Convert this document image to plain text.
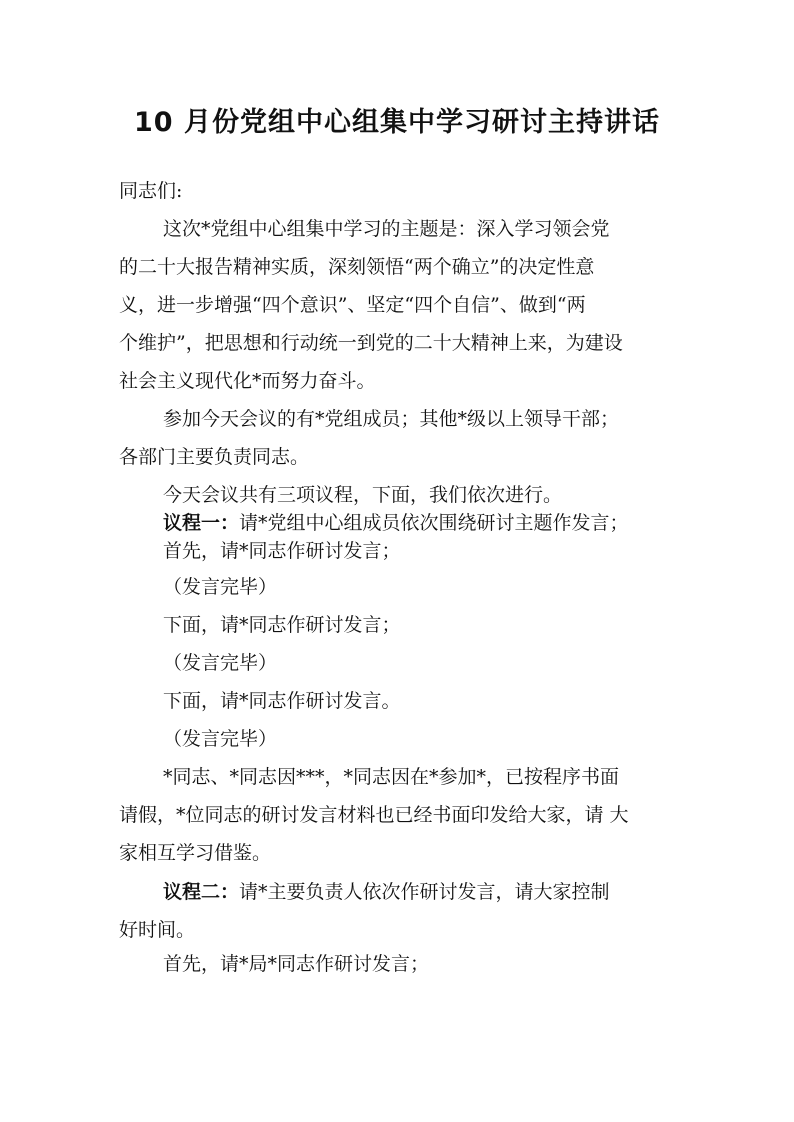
10 月份党组中心组集中学习研讨主持讲话

同志们:

这次*党组中心组集中学习的主题是：深入学习领会党
的二十大报告精神实质，深刻领悟“两个确立”的决定性意
义，进一步增强“四个意识”、坚定“四个自信”、做到“两
个维护”，把思想和行动统一到党的二十大精神上来，为建设
社会主义现代化*而努力奋斗。
参加今天会议的有*党组成员；其他*级以上领导干部；
各部门主要负责同志。

今天会议共有三项议程，下面，我们依次进行。

议程一：请*党组中心组成员依次围绕研讨主题作发言；

首先，请*同志作研讨发言；

（发言完毕）

下面，请*同志作研讨发言；

（发言完毕）

下面，请*同志作研讨发言。

（发言完毕）

*同志、*同志因***，*同志因在*参加*，已按程序书面
请假，*位同志的研讨发言材料也已经书面印发给大家，请 大
家相互学习借鉴。
议程二：请*主要负责人依次作研讨发言，请大家控制
好时间。

首先，请*局*同志作研讨发言；
